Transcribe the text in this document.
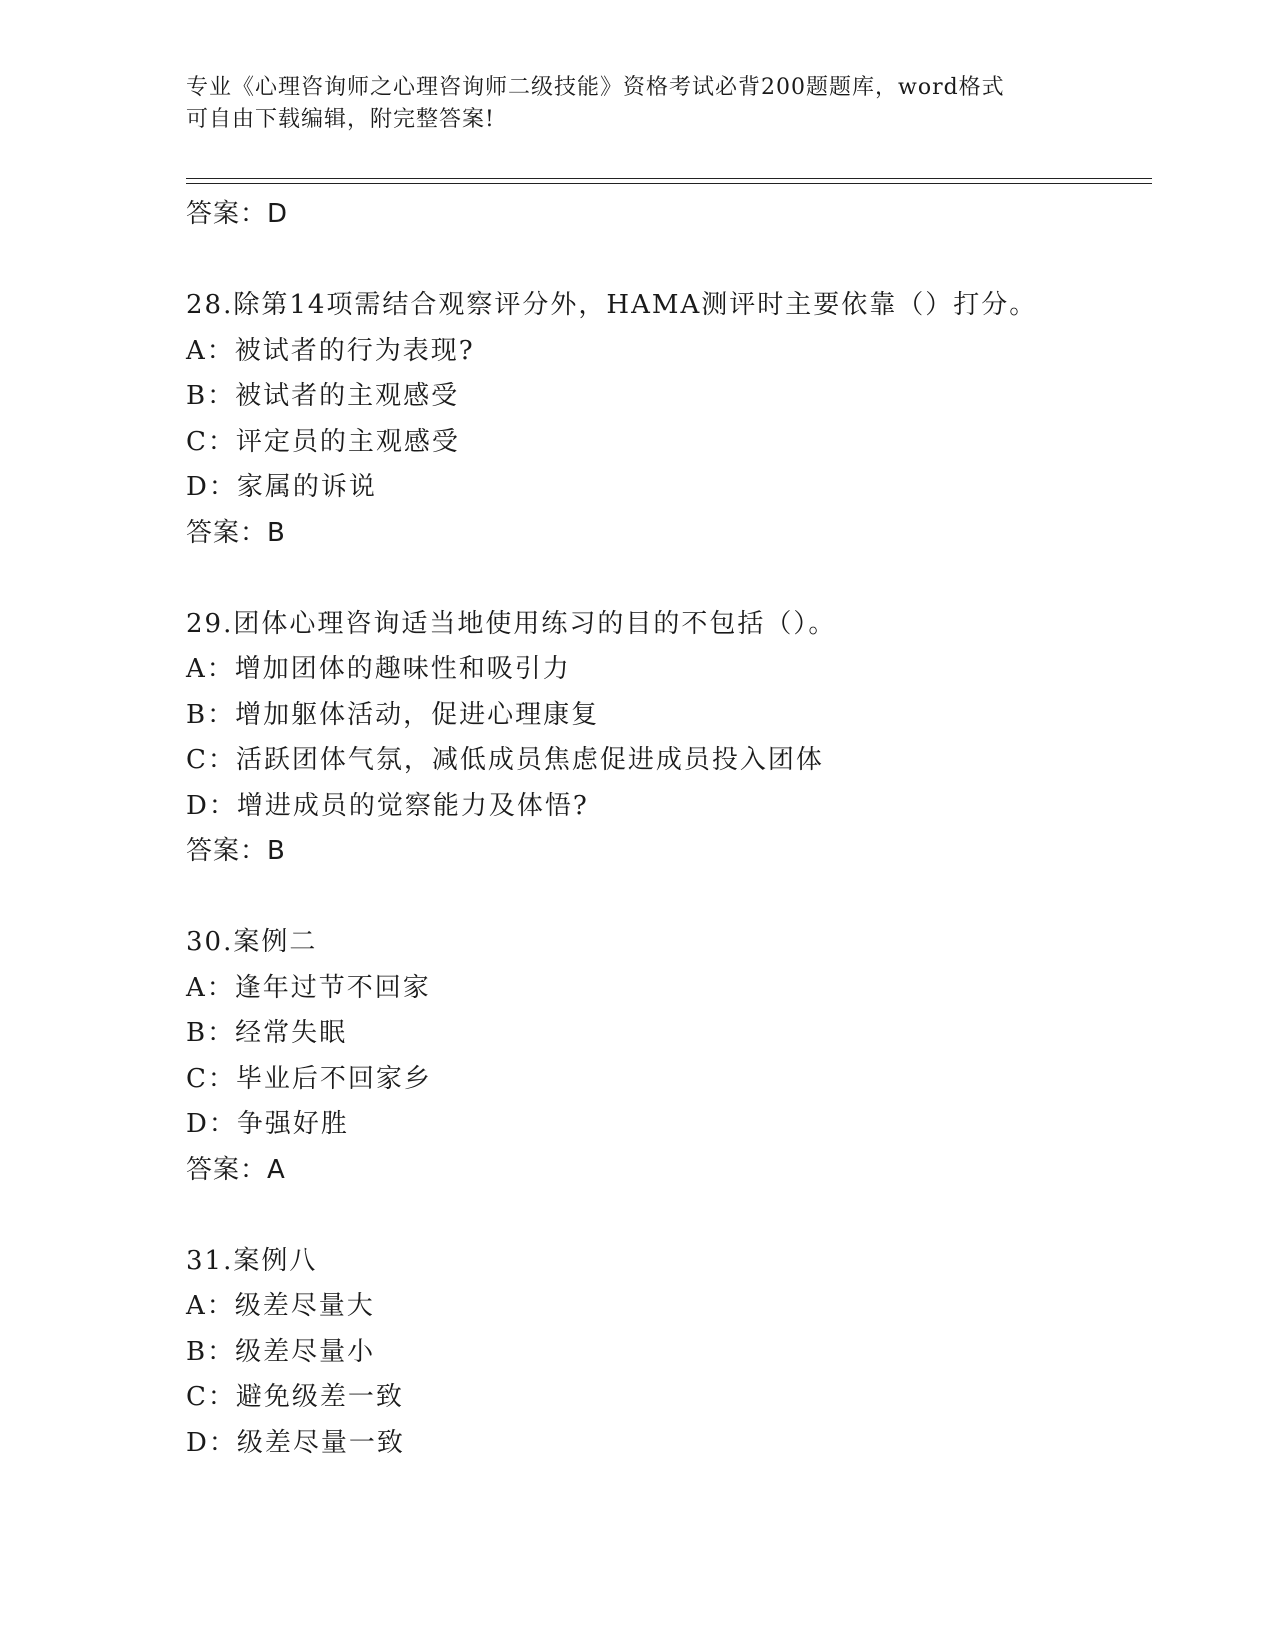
专业《心理咨询师之心理咨询师二级技能》资格考试必背200题题库，word格式
可自由下载编辑，附完整答案!
答案：D
28.除第14项需结合观察评分外，HAMA测评时主要依靠（）打分。
A：被试者的行为表现?
B：被试者的主观感受
C：评定员的主观感受
D：家属的诉说
答案：B
29.团体心理咨询适当地使用练习的目的不包括（）。
A：增加团体的趣味性和吸引力
B：增加躯体活动，促进心理康复
C：活跃团体气氛，减低成员焦虑促进成员投入团体
D：增进成员的觉察能力及体悟?
答案：B
30.案例二
A：逢年过节不回家
B：经常失眠
C：毕业后不回家乡
D：争强好胜
答案：A
31.案例八
A：级差尽量大
B：级差尽量小
C：避免级差一致
D：级差尽量一致
